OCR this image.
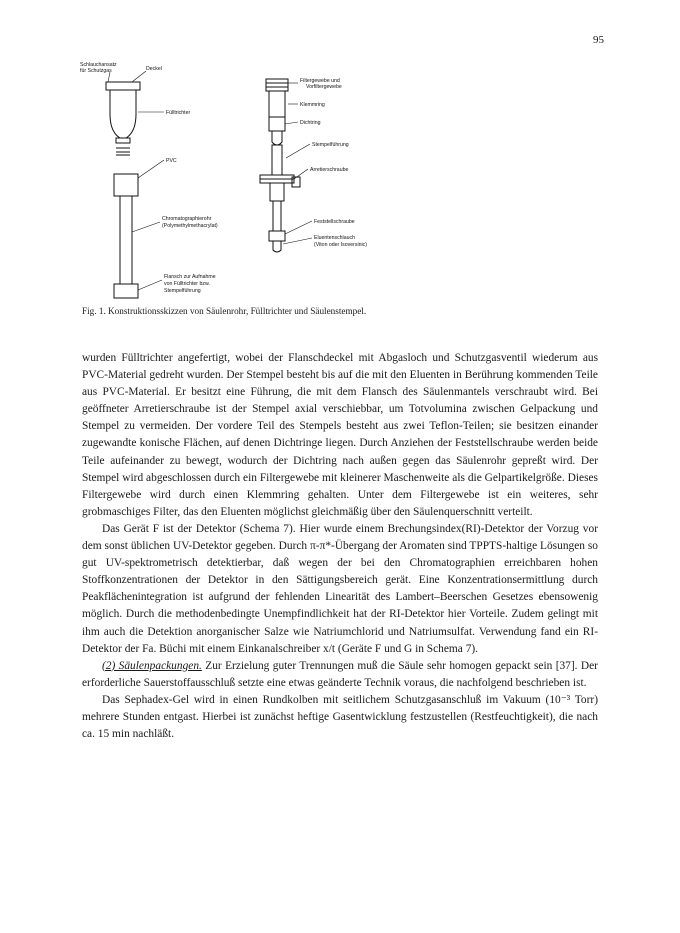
95
Schlauchansatz
für Schutzgas	Deckel
Fülltrichter
PVC
Chromatographierohr
(Polymethylmethacrylat)
Flansch zur Aufnahme
von Fülltrichter bzw.
Stempelführung
Filtergewebe und
Vorfiltergewebe
Klemmring
Dichtring
Stempelführung
Arretierschraube
Feststellschraube
Eluentenschlauch
(Viton oder Isoversinic)
Fig. 1. Konstruktionsskizzen von Säulenrohr, Fülltrichter und Säulenstempel.

wurden Fülltrichter angefertigt, wobei der Flanschdeckel mit Abgasloch und Schutzgasventil wiederum aus PVC-Material gedreht wurden. Der Stempel besteht bis auf die mit den Eluenten in Berührung kommenden Teile aus PVC-Material. Er besitzt eine Führung, die mit dem Flansch des Säulenmantels verschraubt wird. Bei geöffneter Arretierschraube ist der Stempel axial verschiebbar, um Totvolumina zwischen Gelpackung und Stempel zu vermeiden. Der vordere Teil des Stempels besteht aus zwei Teflon-Teilen; sie besitzen einander zugewandte konische Flächen, auf denen Dichtringe liegen. Durch Anziehen der Feststellschraube werden beide Teile aufeinander zu bewegt, wodurch der Dichtring nach außen gegen das Säulenrohr gepreßt wird. Der Stempel wird abgeschlossen durch ein Filtergewebe mit kleinerer Maschenweite als die Gelpartikelgröße. Dieses Filtergewebe wird durch einen Klemmring gehalten. Unter dem Filtergewebe ist ein weiteres, sehr grobmaschiges Filter, das den Eluenten möglichst gleichmäßig über den Säulenquerschnitt verteilt.

Das Gerät F ist der Detektor (Schema 7). Hier wurde einem Brechungsindex(RI)-Detektor der Vorzug vor dem sonst üblichen UV-Detektor gegeben. Durch π-π*-Übergang der Aromaten sind TPPTS-haltige Lösungen so gut UV-spektrometrisch detektierbar, daß wegen der bei den Chromatographien erreichbaren hohen Stoffkonzentrationen der Detektor in den Sättigungsbereich gerät. Eine Konzentrationsermittlung durch Peakflächenintegration ist aufgrund der fehlenden Linearität des Lambert–Beerschen Gesetzes ebensowenig möglich. Durch die methodenbedingte Unempfindlichkeit hat der RI-Detektor hier Vorteile. Zudem gelingt mit ihm auch die Detektion anorganischer Salze wie Natriumchlorid und Natriumsulfat. Verwendung fand ein RI-Detektor der Fa. Büchi mit einem Einkanalschreiber x/t (Geräte F und G in Schema 7).

(2) Säulenpackungen. Zur Erzielung guter Trennungen muß die Säule sehr homogen gepackt sein [37]. Der erforderliche Sauerstoffausschluß setzte eine etwas geänderte Technik voraus, die nachfolgend beschrieben ist.

Das Sephadex-Gel wird in einen Rundkolben mit seitlichem Schutzgasanschluß im Vakuum (10⁻³ Torr) mehrere Stunden entgast. Hierbei ist zunächst heftige Gasentwicklung festzustellen (Restfeuchtigkeit), die nach ca. 15 min nachläßt.
